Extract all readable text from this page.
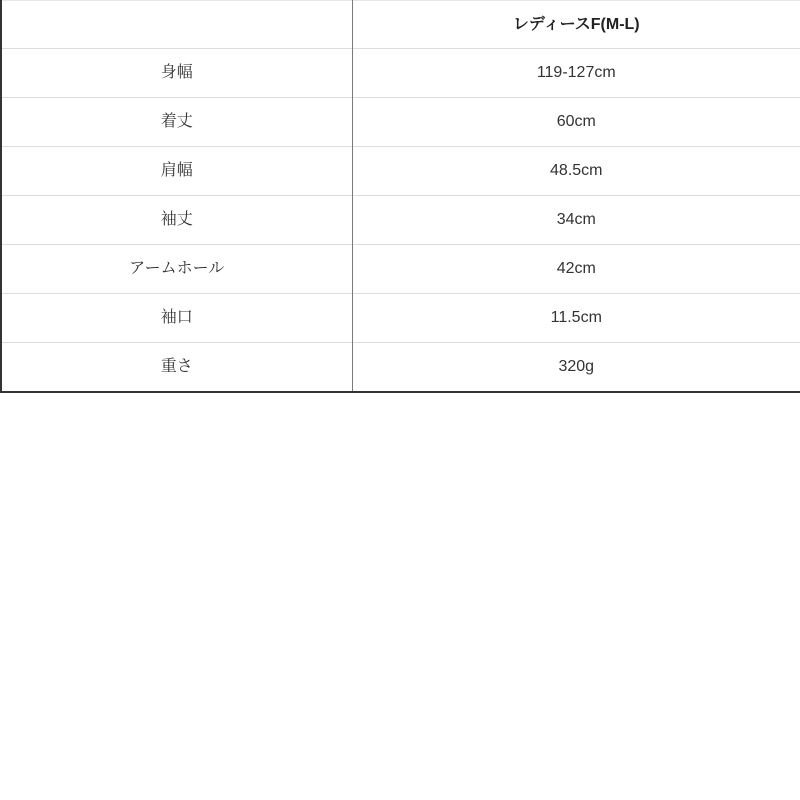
	レディースF(M-L)
身幅	119-127cm
着丈	60cm
肩幅	48.5cm
袖丈	34cm
アームホール	42cm
袖口	11.5cm
重さ	320g
